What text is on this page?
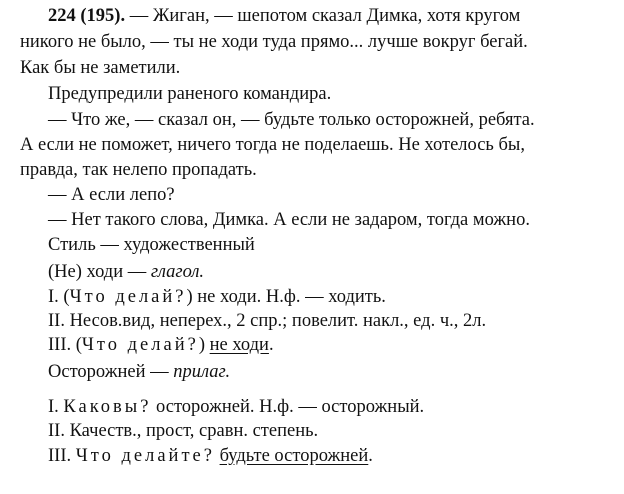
224 (195). — Жиган, — шепотом сказал Димка, хотя кругом
никого не было, — ты не ходи туда прямо... лучше вокруг бегай.
Как бы не заметили.
Предупредили раненого командира.
— Что же, — сказал он, — будьте только осторожней, ребята.
А если не поможет, ничего тогда не поделаешь. Не хотелось бы,
правда, так нелепо пропадать.
— А если лепо?
— Нет такого слова, Димка. А если не задаром, тогда можно.
Стиль — художественный
(Не) ходи — глагол.
I. (Что делай?) не ходи. Н.ф. — ходить.
II. Несов.вид, неперех., 2 спр.; повелит. накл., ед. ч., 2л.
III. (Что делай?) не ходи.
Осторожней — прилаг.
I. Каковы? осторожней. Н.ф. — осторожный.
II. Качеств., прост, сравн. степень.
III. Что делайте? будьте осторожней.
